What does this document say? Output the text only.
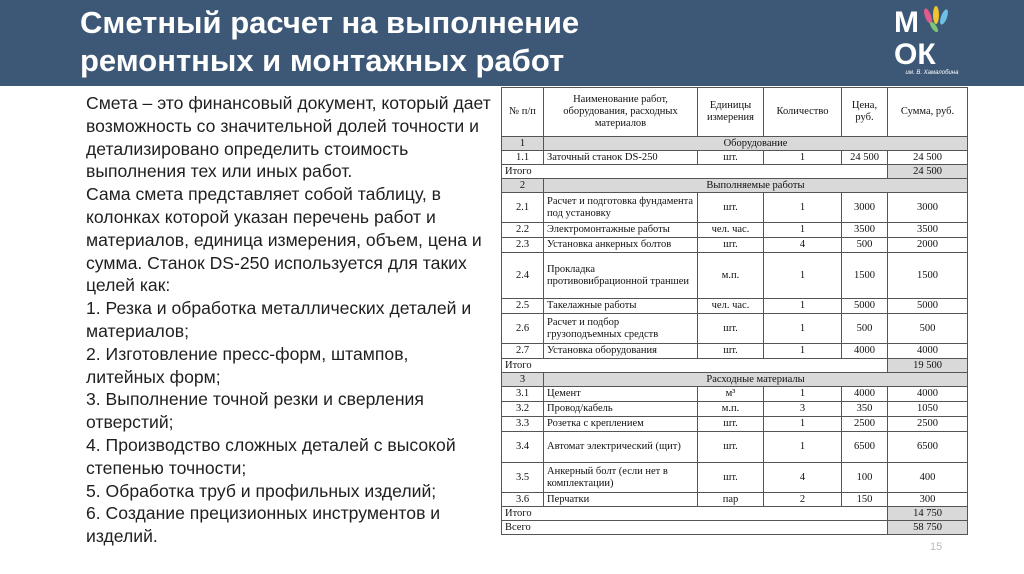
Сметный расчет на выполнение
ремонтных и монтажных работ
М
ОК
им. В. Хамалобина

Смета – это финансовый документ, который дает возможность со значительной долей точности и детализировано определить стоимость выполнения тех или иных работ.

Сама смета представляет собой таблицу, в колонках которой указан перечень работ и материалов, единица измерения, объем, цена и сумма. Станок DS-250 используется для таких целей как:

1. Резка и обработка металлических деталей и материалов;

2. Изготовление пресс-форм, штампов, литейных форм;

3. Выполнение точной резки и сверления отверстий;

4. Производство сложных деталей с высокой степенью точности;

5. Обработка труб и профильных изделий;

6. Создание прецизионных инструментов и изделий.

№ п/п	Наименование работ, оборудования, расходных материалов	Единицы измерения	Количество	Цена, руб.	Сумма, руб.
1	Оборудование				
1.1	Заточный станок DS-250	шт.	1	24 500	24 500
Итого					24 500
2	Выполняемые работы				
2.1	Расчет и подготовка фундамента под установку	шт.	1	3000	3000
2.2	Электромонтажные работы	чел. час.	1	3500	3500
2.3	Установка анкерных болтов	шт.	4	500	2000
2.4	Прокладка противовибрационной траншеи	м.п.	1	1500	1500
2.5	Такелажные работы	чел. час.	1	5000	5000
2.6	Расчет и подбор грузоподъемных средств	шт.	1	500	500
2.7	Установка оборудования	шт.	1	4000	4000
Итого					19 500
3	Расходные материалы				
3.1	Цемент	м³	1	4000	4000
3.2	Провод/кабель	м.п.	3	350	1050
3.3	Розетка с креплением	шт.	1	2500	2500
3.4	Автомат электрический (щит)	шт.	1	6500	6500
3.5	Анкерный болт (если нет в комплектации)	шт.	4	100	400
3.6	Перчатки	пар	2	150	300
Итого					14 750
Всего					58 750
15
